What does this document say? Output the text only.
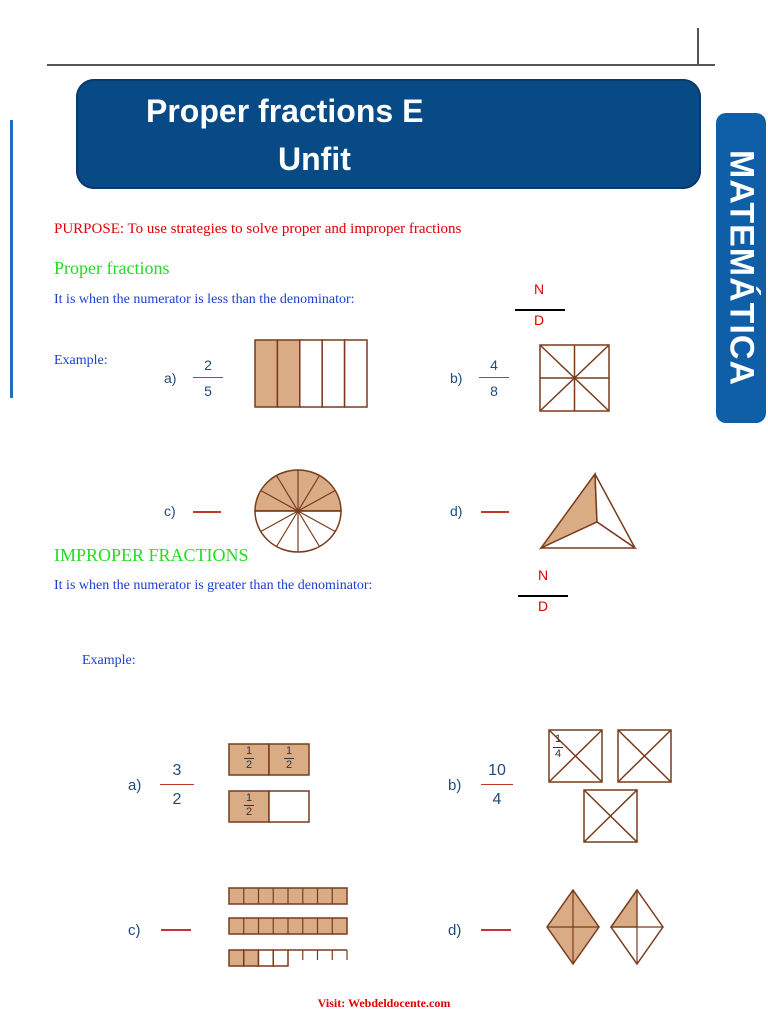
Proper fractions E
Unfit	MATEMÁTICA
PURPOSE: To use strategies to solve proper and improper fractions
Proper fractions
It is when the numerator is less than the denominator:
N
D
Example:
a)
2
5
b)
4
8
c)	d)
IMPROPER FRACTIONS
It is when the numerator is greater than the denominator:
N
D
Example:
a)
3
2
1
2
1
2
1
2
b)
10
4
1
4
c)	d)
Visit: Webdeldocente.com
